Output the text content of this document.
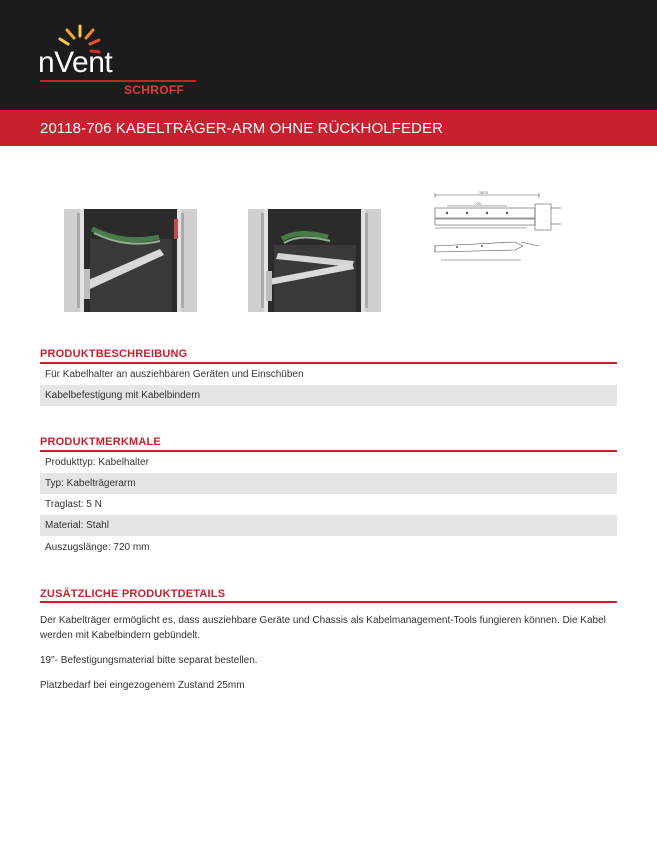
nVent
SCHROFF
20118-706 KABELTRÄGER-ARM OHNE RÜCKHOLFEDER
28/75
720
PRODUKTBESCHREIBUNG
Für Kabelhalter an ausziehbaren Geräten und Einschüben
Kabelbefestigung mit Kabelbindern
PRODUKTMERKMALE
Produkttyp: Kabelhalter
Typ: Kabelträgerarm
Traglast: 5 N
Material: Stahl
Auszugslänge: 720 mm
ZUSÄTZLICHE PRODUKTDETAILS
Der Kabelträger ermöglicht es, dass ausziehbare Geräte und Chassis als Kabelmanagement-Tools fungieren können. Die Kabel werden mit Kabelbindern gebündelt.
19"- Befestigungsmaterial bitte separat bestellen.
Platzbedarf bei eingezogenem Zustand 25mm
